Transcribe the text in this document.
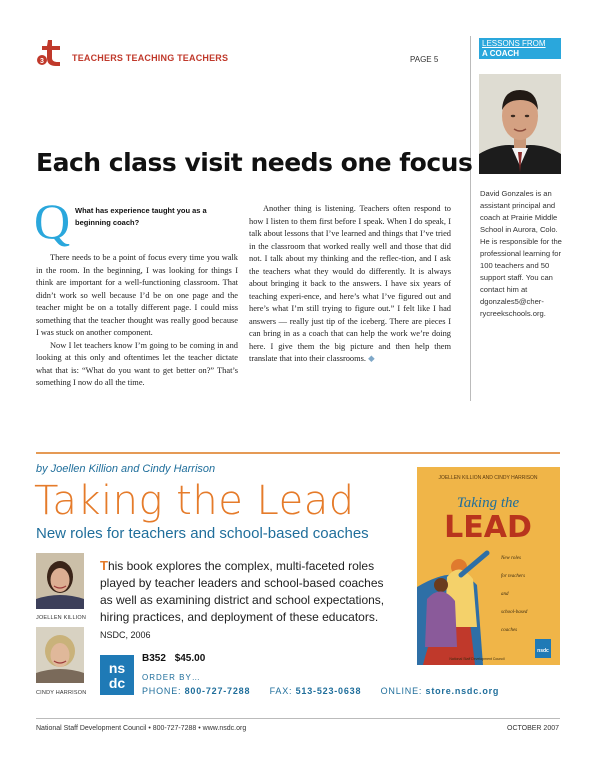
3	TEACHERS TEACHING TEACHERS	PAGE 5
LESSONS FROM
A COACH
David Gonzales is an assistant principal and coach at Prairie Middle School in Aurora, Colo. He is responsible for the professional learning for 100 teachers and 50 support staff. You can contact him at dgonzales5@cher-rycreekschools.org.
Each class visit needs one focus
Q What has experience taught you as a beginning coach?

There needs to be a point of focus every time you walk in the room. In the beginning, I was looking for things I think are important for a well-functioning classroom. That didn’t work so well because I’d be on one page and the teacher might be on a totally different page. I could miss something that the teacher thought was really good because I was stuck on another component.

Now I let teachers know I’m going to be coming in and looking at this only and oftentimes let the teacher dictate what that is: “What do you want to get better on?” That’s something I now do all the time.

Another thing is listening. Teachers often respond to how I listen to them first before I speak. When I do speak, I talk about lessons that I’ve learned and things that I’ve tried in the classroom that worked really well and those that did not. I talk about my thinking and the reflec-tion, and I ask the teachers what they would do differently. It is always about bringing it back to the answers. I have six years of teaching experi-ence, and here’s what I’ve figured out and here’s what I’m still trying to figure out.” I felt like I had answers — really just tip of the iceberg. There are pieces I can bring in as a coach that can help the work we’re doing here. I give them the big picture and then help them translate that into their classrooms. ◆

by Joellen Killion and Cindy Harrison
Taking the Lead
New roles for teachers and school-based coaches
JOELLEN KILLION
CINDY HARRISON
This book explores the complex, multi-faceted roles played by teacher leaders and school-based coaches as well as examining district and school expectations, hiring practices, and deployment of these educators. NSDC, 2006
nsdc
B352 $45.00
ORDER BY…
PHONE: 800-727-7288 FAX: 513-523-0638 ONLINE: store.nsdc.org
JOELLEN KILLION AND CINDY HARRISON
Taking the
LEAD
New roles
for teachers
and
school-based
coaches
National Staff Development Council
nsdc
National Staff Development Council • 800-727-7288 • www.nsdc.org	OCTOBER 2007
